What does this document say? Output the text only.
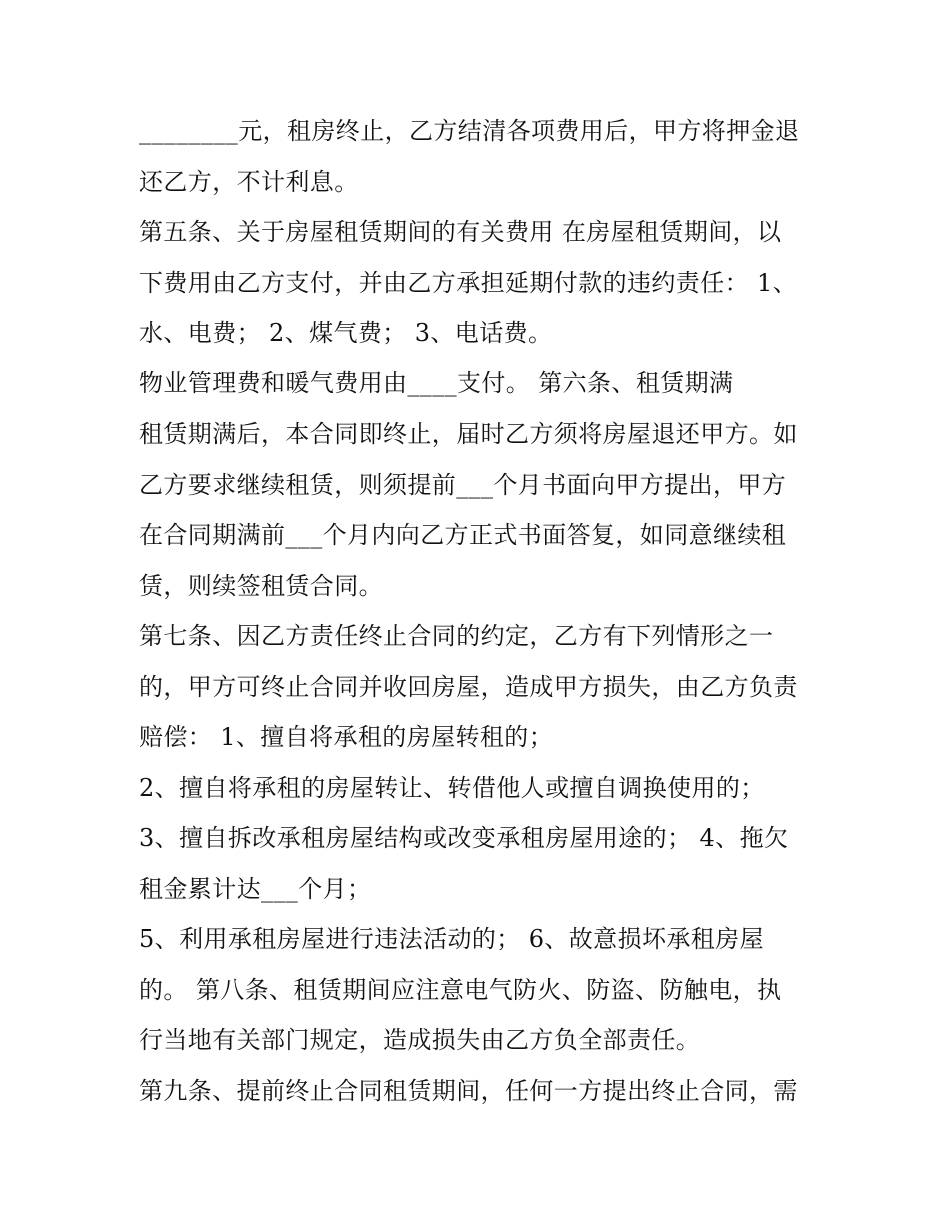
________元，租房终止，乙方结清各项费用后，甲方将押金退
还乙方，不计利息。
第五条、关于房屋租赁期间的有关费用 在房屋租赁期间，以
下费用由乙方支付，并由乙方承担延期付款的违约责任： 1、
水、电费； 2、煤气费； 3、电话费。
物业管理费和暖气费用由____支付。 第六条、租赁期满
租赁期满后，本合同即终止，届时乙方须将房屋退还甲方。如
乙方要求继续租赁，则须提前___个月书面向甲方提出，甲方
在合同期满前___个月内向乙方正式书面答复，如同意继续租
赁，则续签租赁合同。
第七条、因乙方责任终止合同的约定，乙方有下列情形之一
的，甲方可终止合同并收回房屋，造成甲方损失，由乙方负责
赔偿： 1、擅自将承租的房屋转租的；
2、擅自将承租的房屋转让、转借他人或擅自调换使用的；
3、擅自拆改承租房屋结构或改变承租房屋用途的； 4、拖欠
租金累计达___个月；
5、利用承租房屋进行违法活动的； 6、故意损坏承租房屋
的。 第八条、租赁期间应注意电气防火、防盗、防触电，执
行当地有关部门规定，造成损失由乙方负全部责任。
第九条、提前终止合同租赁期间，任何一方提出终止合同，需
